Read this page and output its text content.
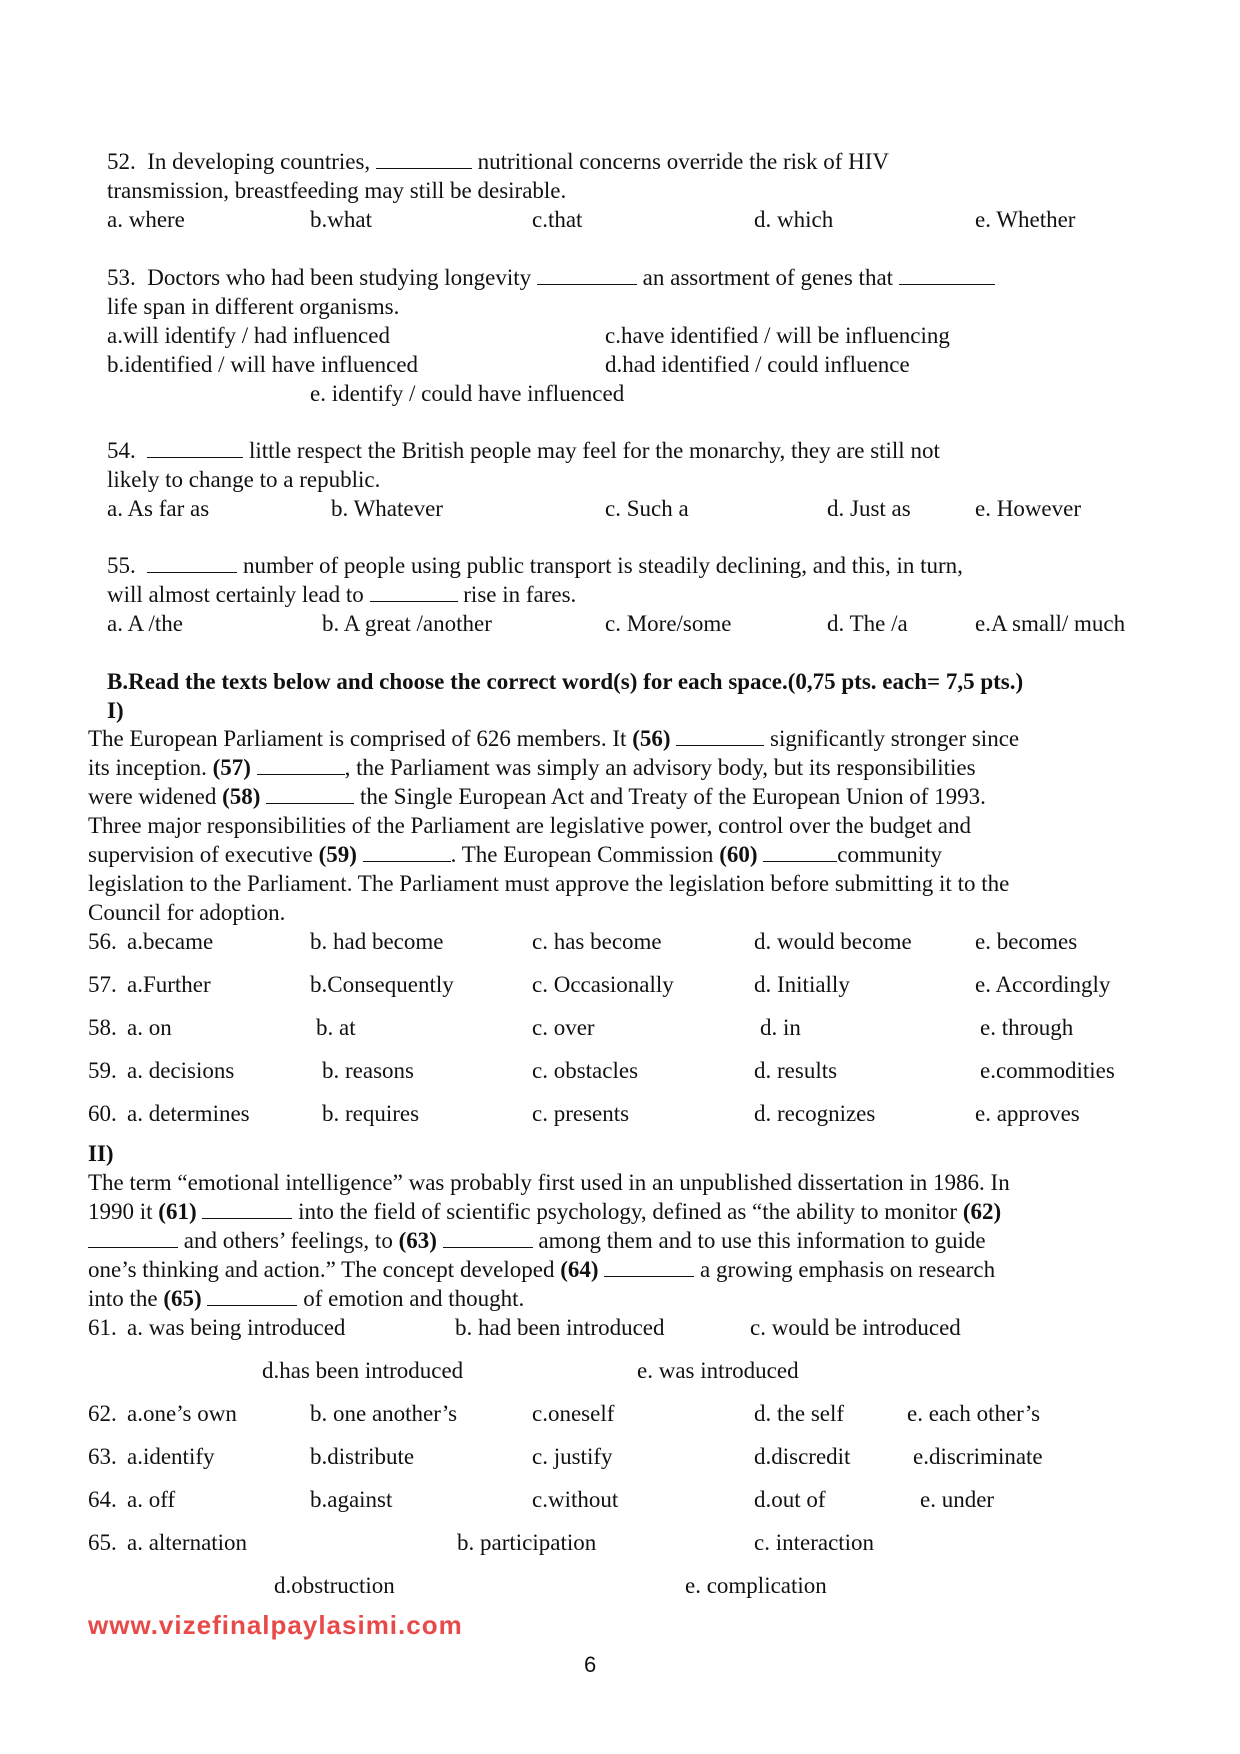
52. In developing countries,	nutritional concerns override the risk of HIV
transmission, breastfeeding may still be desirable.
a. where	b.what	c.that	d. which	e. Whether
53. Doctors who had been studying longevity	an assortment of genes that
life span in different organisms.
a.will identify / had influenced
b.identified / will have influenced
c.have identified / will be influencing
d.had identified / could influence
e. identify / could have influenced
54.	little respect the British people may feel for the monarchy, they are still not
likely to change to a republic.
a. As far as	b. Whatever	c. Such a	d. Just as	e. However
55.	number of people using public transport is steadily declining, and this, in turn,
will almost certainly lead to	rise in fares.
a. A /the	b. A great /another	c. More/some	d. The /a	e.A small/ much
B.Read the texts below and choose the correct word(s) for each space.(0,75 pts. each= 7,5 pts.)
I)
The European Parliament is comprised of 626 members. It (56)	significantly stronger since
its inception. (57)	, the Parliament was simply an advisory body, but its responsibilities
were widened (58)	the Single European Act and Treaty of the European Union of 1993.
Three major responsibilities of the Parliament are legislative power, control over the budget and
supervision of executive (59)	. The European Commission (60)	community
legislation to the Parliament. The Parliament must approve the legislation before submitting it to the
Council for adoption.
56. a.became	b. had become	c. has become	d. would become	e. becomes
57. a.Further	b.Consequently	c. Occasionally	d. Initially	e. Accordingly
58. a. on	b. at	c. over	d. in	e. through
59. a. decisions	b. reasons	c. obstacles	d. results	e.commodities
60. a. determines	b. requires	c. presents	d. recognizes	e. approves
II)
The term “emotional intelligence” was probably first used in an unpublished dissertation in 1986. In
1990 it (61)	into the field of scientific psychology, defined as “the ability to monitor (62)
and others’ feelings, to (63)	among them and to use this information to guide
one’s thinking and action.” The concept developed (64)	a growing emphasis on research
into the (65)	of emotion and thought.
61. a. was being introduced	b. had been introduced	c. would be introduced
d.has been introduced	e. was introduced
62. a.one’s own	b. one another’s	c.oneself	d. the self	e. each other’s
63. a.identify	b.distribute	c. justify	d.discredit	e.discriminate
64. a. off	b.against	c.without	d.out of	e. under
65. a. alternation	b. participation	c. interaction
d.obstruction	e. complication
www.vizefinalpaylasimi.com
6
